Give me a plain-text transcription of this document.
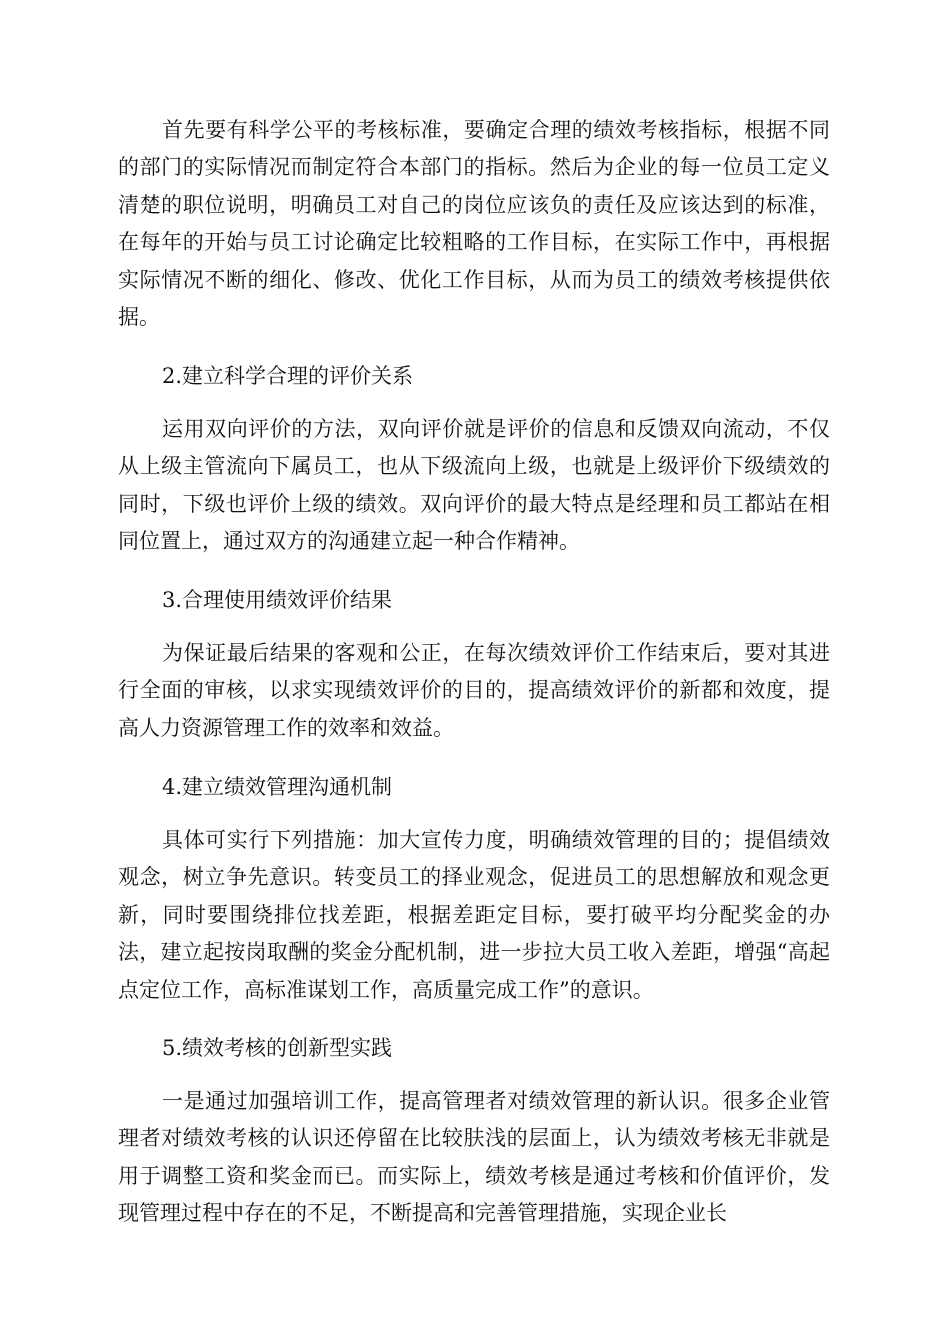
首先要有科学公平的考核标准，要确定合理的绩效考核指标，根据不同的部门的实际情况而制定符合本部门的指标。然后为企业的每一位员工定义清楚的职位说明，明确员工对自己的岗位应该负的责任及应该达到的标准，在每年的开始与员工讨论确定比较粗略的工作目标，在实际工作中，再根据实际情况不断的细化、修改、优化工作目标，从而为员工的绩效考核提供依据。

2.建立科学合理的评价关系

运用双向评价的方法，双向评价就是评价的信息和反馈双向流动，不仅从上级主管流向下属员工，也从下级流向上级，也就是上级评价下级绩效的同时，下级也评价上级的绩效。双向评价的最大特点是经理和员工都站在相同位置上，通过双方的沟通建立起一种合作精神。

3.合理使用绩效评价结果

为保证最后结果的客观和公正，在每次绩效评价工作结束后，要对其进行全面的审核，以求实现绩效评价的目的，提高绩效评价的新都和效度，提高人力资源管理工作的效率和效益。

4.建立绩效管理沟通机制

具体可实行下列措施：加大宣传力度，明确绩效管理的目的；提倡绩效观念，树立争先意识。转变员工的择业观念，促进员工的思想解放和观念更新，同时要围绕排位找差距，根据差距定目标，要打破平均分配奖金的办法，建立起按岗取酬的奖金分配机制，进一步拉大员工收入差距，增强“高起点定位工作，高标准谋划工作，高质量完成工作”的意识。

5.绩效考核的创新型实践

一是通过加强培训工作，提高管理者对绩效管理的新认识。很多企业管理者对绩效考核的认识还停留在比较肤浅的层面上，认为绩效考核无非就是用于调整工资和奖金而已。而实际上，绩效考核是通过考核和价值评价，发现管理过程中存在的不足，不断提高和完善管理措施，实现企业长
